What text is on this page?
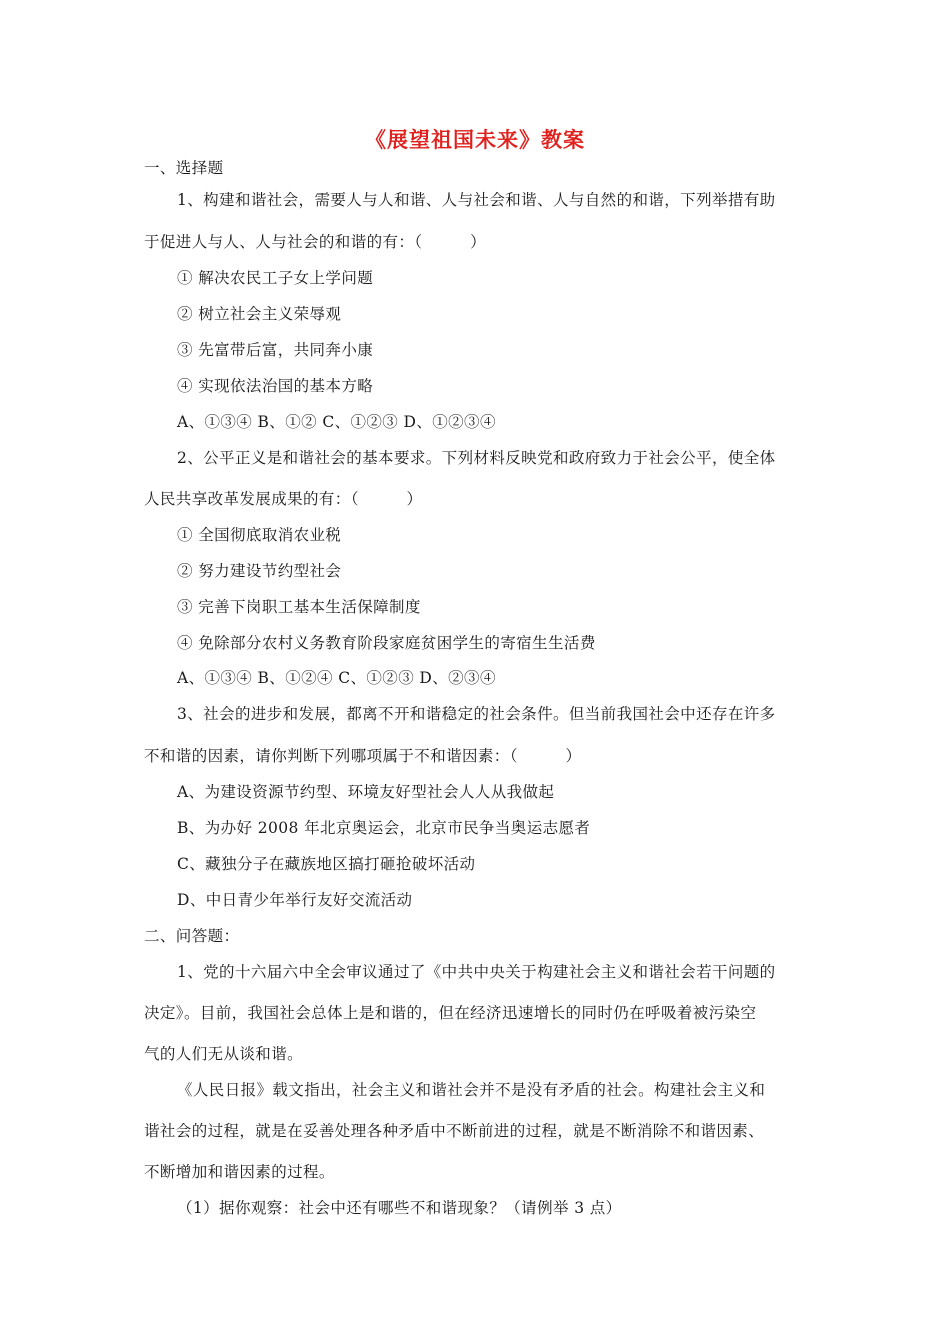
《展望祖国未来》教案
一、选择题
1、构建和谐社会，需要人与人和谐、人与社会和谐、人与自然的和谐，下列举措有助
于促进人与人、人与社会的和谐的有：（　　　）
① 解决农民工子女上学问题
② 树立社会主义荣辱观
③ 先富带后富，共同奔小康
④ 实现依法治国的基本方略
A、①③④ B、①② C、①②③ D、①②③④
2、公平正义是和谐社会的基本要求。下列材料反映党和政府致力于社会公平，使全体
人民共享改革发展成果的有：（　　　）
① 全国彻底取消农业税
② 努力建设节约型社会
③ 完善下岗职工基本生活保障制度
④ 免除部分农村义务教育阶段家庭贫困学生的寄宿生生活费
A、①③④ B、①②④ C、①②③ D、②③④
3、社会的进步和发展，都离不开和谐稳定的社会条件。但当前我国社会中还存在许多
不和谐的因素，请你判断下列哪项属于不和谐因素：（　　　）
A、为建设资源节约型、环境友好型社会人人从我做起
B、为办好 2008 年北京奥运会，北京市民争当奥运志愿者
C、藏独分子在藏族地区搞打砸抢破坏活动
D、中日青少年举行友好交流活动
二、问答题：
1、党的十六届六中全会审议通过了《中共中央关于构建社会主义和谐社会若干问题的
决定》。目前，我国社会总体上是和谐的，但在经济迅速增长的同时仍在呼吸着被污染空
气的人们无从谈和谐。
《人民日报》载文指出，社会主义和谐社会并不是没有矛盾的社会。构建社会主义和
谐社会的过程，就是在妥善处理各种矛盾中不断前进的过程，就是不断消除不和谐因素、
不断增加和谐因素的过程。
（1）据你观察：社会中还有哪些不和谐现象？（请例举 3 点）
